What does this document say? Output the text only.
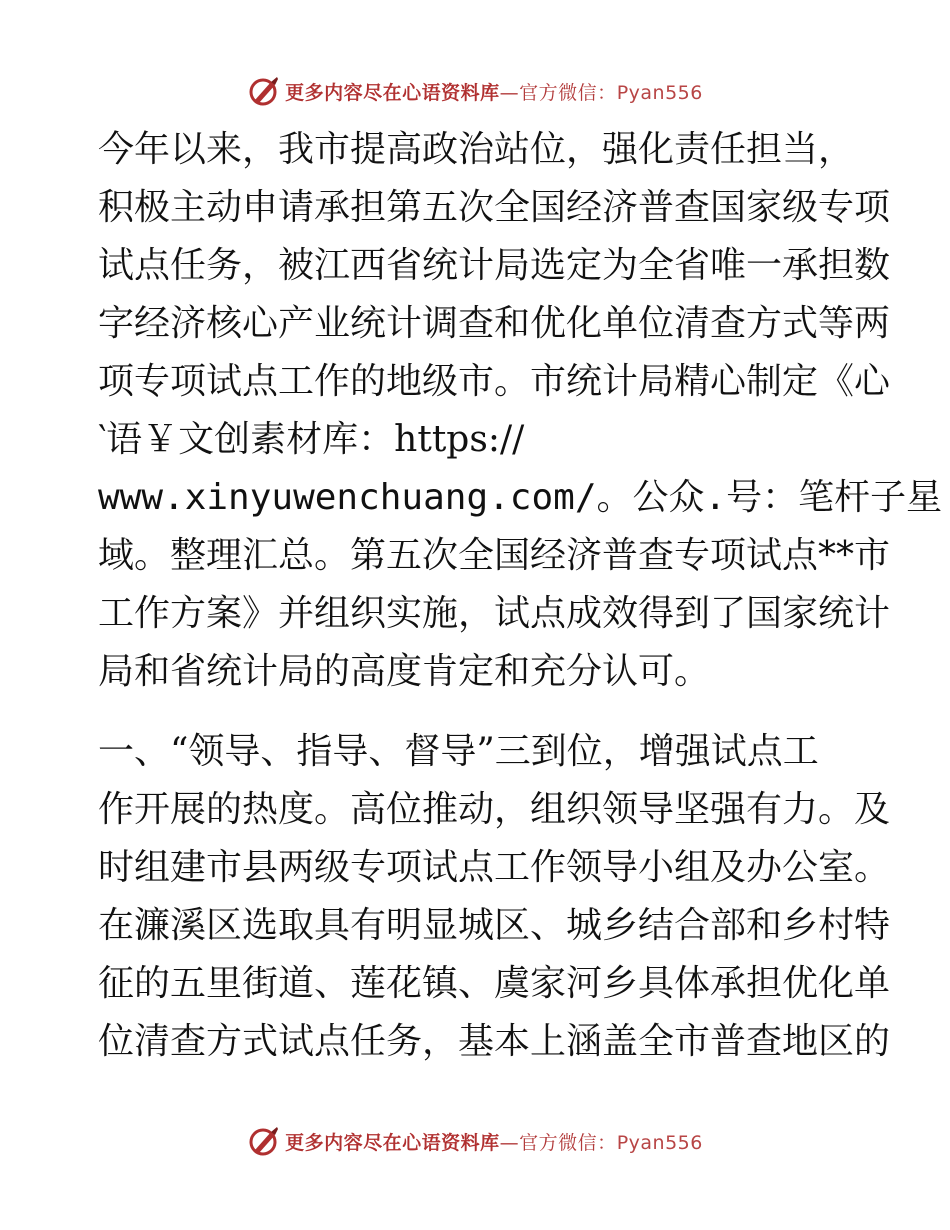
更多内容尽在心语资料库—官方微信：Pyan556
今年以来，我市提高政治站位，强化责任担当，
积极主动申请承担第五次全国经济普查国家级专项
试点任务，被江西省统计局选定为全省唯一承担数
字经济核心产业统计调查和优化单位清查方式等两
项专项试点工作的地级市。市统计局精心制定《心
‵语￥文创素材库：https://
www.xinyuwenchuang.com/。公众.号：笔杆子星
域。整理汇总。第五次全国经济普查专项试点**市
工作方案》并组织实施，试点成效得到了国家统计
局和省统计局的高度肯定和充分认可。
一、“领导、指导、督导”三到位，增强试点工
作开展的热度。高位推动，组织领导坚强有力。及
时组建市县两级专项试点工作领导小组及办公室。
在濂溪区选取具有明显城区、城乡结合部和乡村特
征的五里街道、莲花镇、虞家河乡具体承担优化单
位清查方式试点任务，基本上涵盖全市普查地区的
更多内容尽在心语资料库—官方微信：Pyan556
